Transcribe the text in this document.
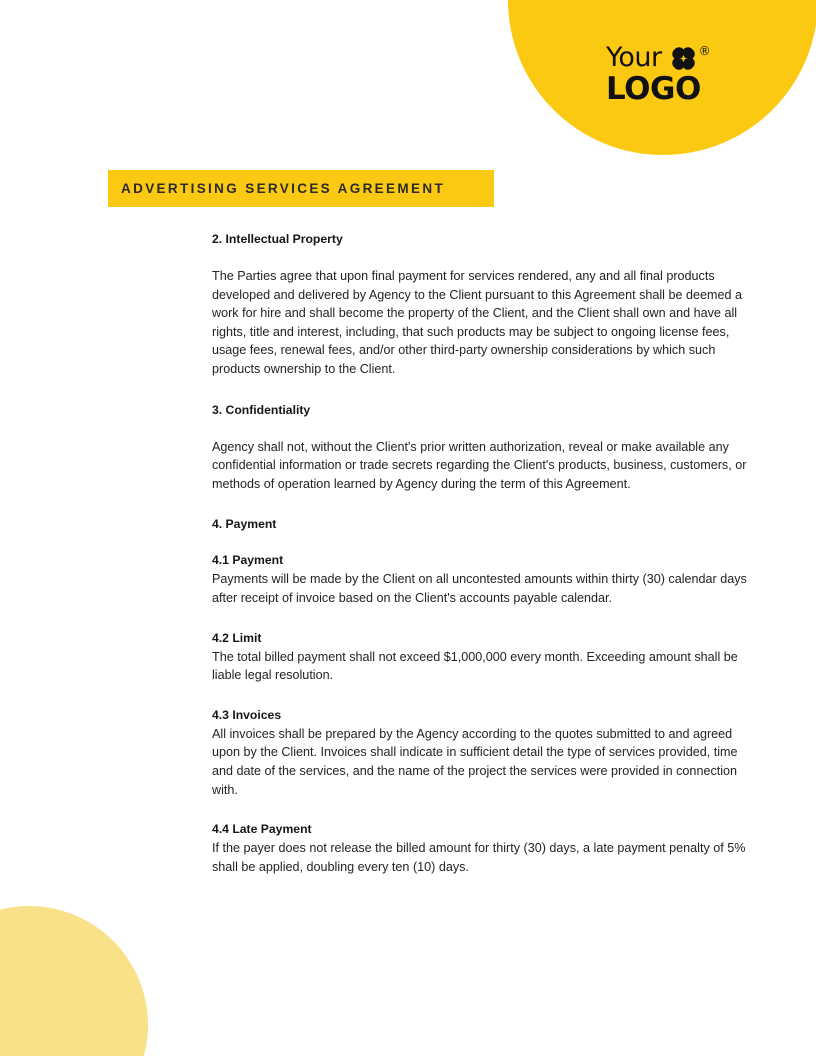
Your	®
LOGO
ADVERTISING SERVICES AGREEMENT
2. Intellectual Property

The Parties agree that upon final payment for services rendered, any and all final products developed and delivered by Agency to the Client pursuant to this Agreement shall be deemed a work for hire and shall become the property of the Client, and the Client shall own and have all rights, title and interest, including, that such products may be subject to ongoing license fees, usage fees, renewal fees, and/or other third-party ownership considerations by which such products ownership to the Client.

3. Confidentiality

Agency shall not, without the Client's prior written authorization, reveal or make available any confidential information or trade secrets regarding the Client's products, business, customers, or methods of operation learned by Agency during the term of this Agreement.

4. Payment
4.1 Payment

Payments will be made by the Client on all uncontested amounts within thirty (30) calendar days after receipt of invoice based on the Client's accounts payable calendar.

4.2 Limit

The total billed payment shall not exceed $1,000,000 every month. Exceeding amount shall be liable legal resolution.

4.3 Invoices

All invoices shall be prepared by the Agency according to the quotes submitted to and agreed upon by the Client. Invoices shall indicate in sufficient detail the type of services provided, time and date of the services, and the name of the project the services were provided in connection with.

4.4 Late Payment

If the payer does not release the billed amount for thirty (30) days, a late payment penalty of 5% shall be applied, doubling every ten (10) days.
